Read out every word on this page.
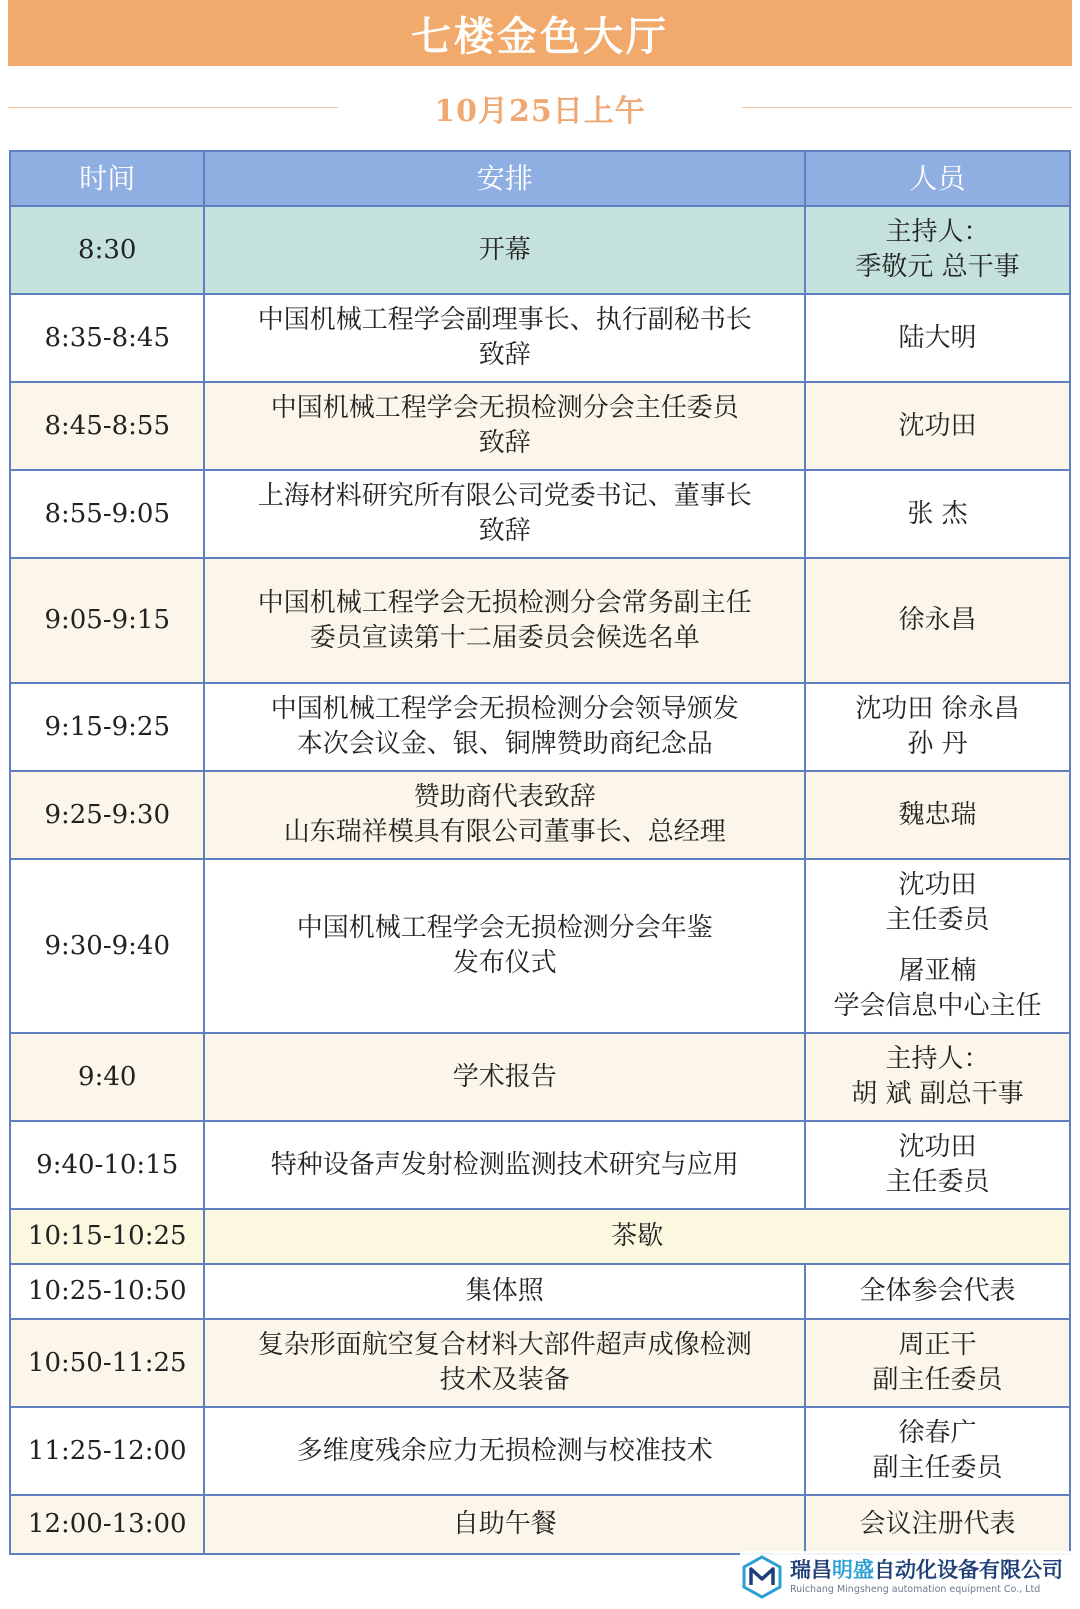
七楼金色大厅
10月25日上午
时间	安排	人员
8:30	开幕	主持人：
季敬元 总干事

8:35-8:45	中国机械工程学会副理事长、执行副秘书长
致辞	陆大明

8:45-8:55	中国机械工程学会无损检测分会主任委员
致辞	沈功田

8:55-9:05	上海材料研究所有限公司党委书记、董事长
致辞	张 杰

9:05-9:15	中国机械工程学会无损检测分会常务副主任
委员宣读第十二届委员会候选名单	徐永昌

9:15-9:25	中国机械工程学会无损检测分会领导颁发
本次会议金、银、铜牌赞助商纪念品	沈功田 徐永昌
孙 丹

9:25-9:30	赞助商代表致辞
山东瑞祥模具有限公司董事长、总经理	魏忠瑞

9:30-9:40	中国机械工程学会无损检测分会年鉴
发布仪式	沈功田
主任委员
屠亚楠
学会信息中心主任

9:40	学术报告	主持人：
胡 斌 副总干事

9:40-10:15	特种设备声发射检测监测技术研究与应用	沈功田
主任委员

10:15-10:25	茶歇	

10:25-10:50	集体照	全体参会代表

10:50-11:25	复杂形面航空复合材料大部件超声成像检测
技术及装备	周正干
副主任委员

11:25-12:00	多维度残余应力无损检测与校准技术	徐春广
副主任委员

12:00-13:00	自助午餐	会议注册代表
瑞昌明盛自动化设备有限公司
Ruichang Mingsheng automation equipment Co., Ltd
